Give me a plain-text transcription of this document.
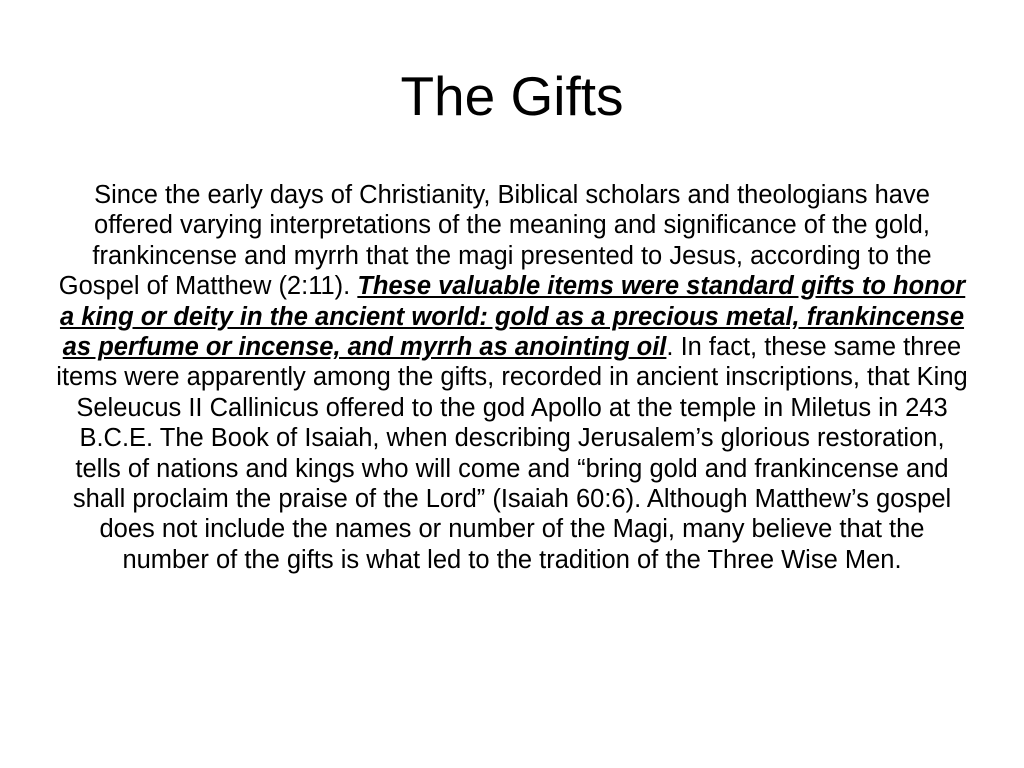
The Gifts

Since the early days of Christianity, Biblical scholars and theologians have offered varying interpretations of the meaning and significance of the gold, frankincense and myrrh that the magi presented to Jesus, according to the Gospel of Matthew (2:11). These valuable items were standard gifts to honor a king or deity in the ancient world: gold as a precious metal, frankincense as perfume or incense, and myrrh as anointing oil. In fact, these same three items were apparently among the gifts, recorded in ancient inscriptions, that King Seleucus II Callinicus offered to the god Apollo at the temple in Miletus in 243 B.C.E. The Book of Isaiah, when describing Jerusalem’s glorious restoration, tells of nations and kings who will come and “bring gold and frankincense and shall proclaim the praise of the Lord” (Isaiah 60:6). Although Matthew’s gospel does not include the names or number of the Magi, many believe that the number of the gifts is what led to the tradition of the Three Wise Men.
